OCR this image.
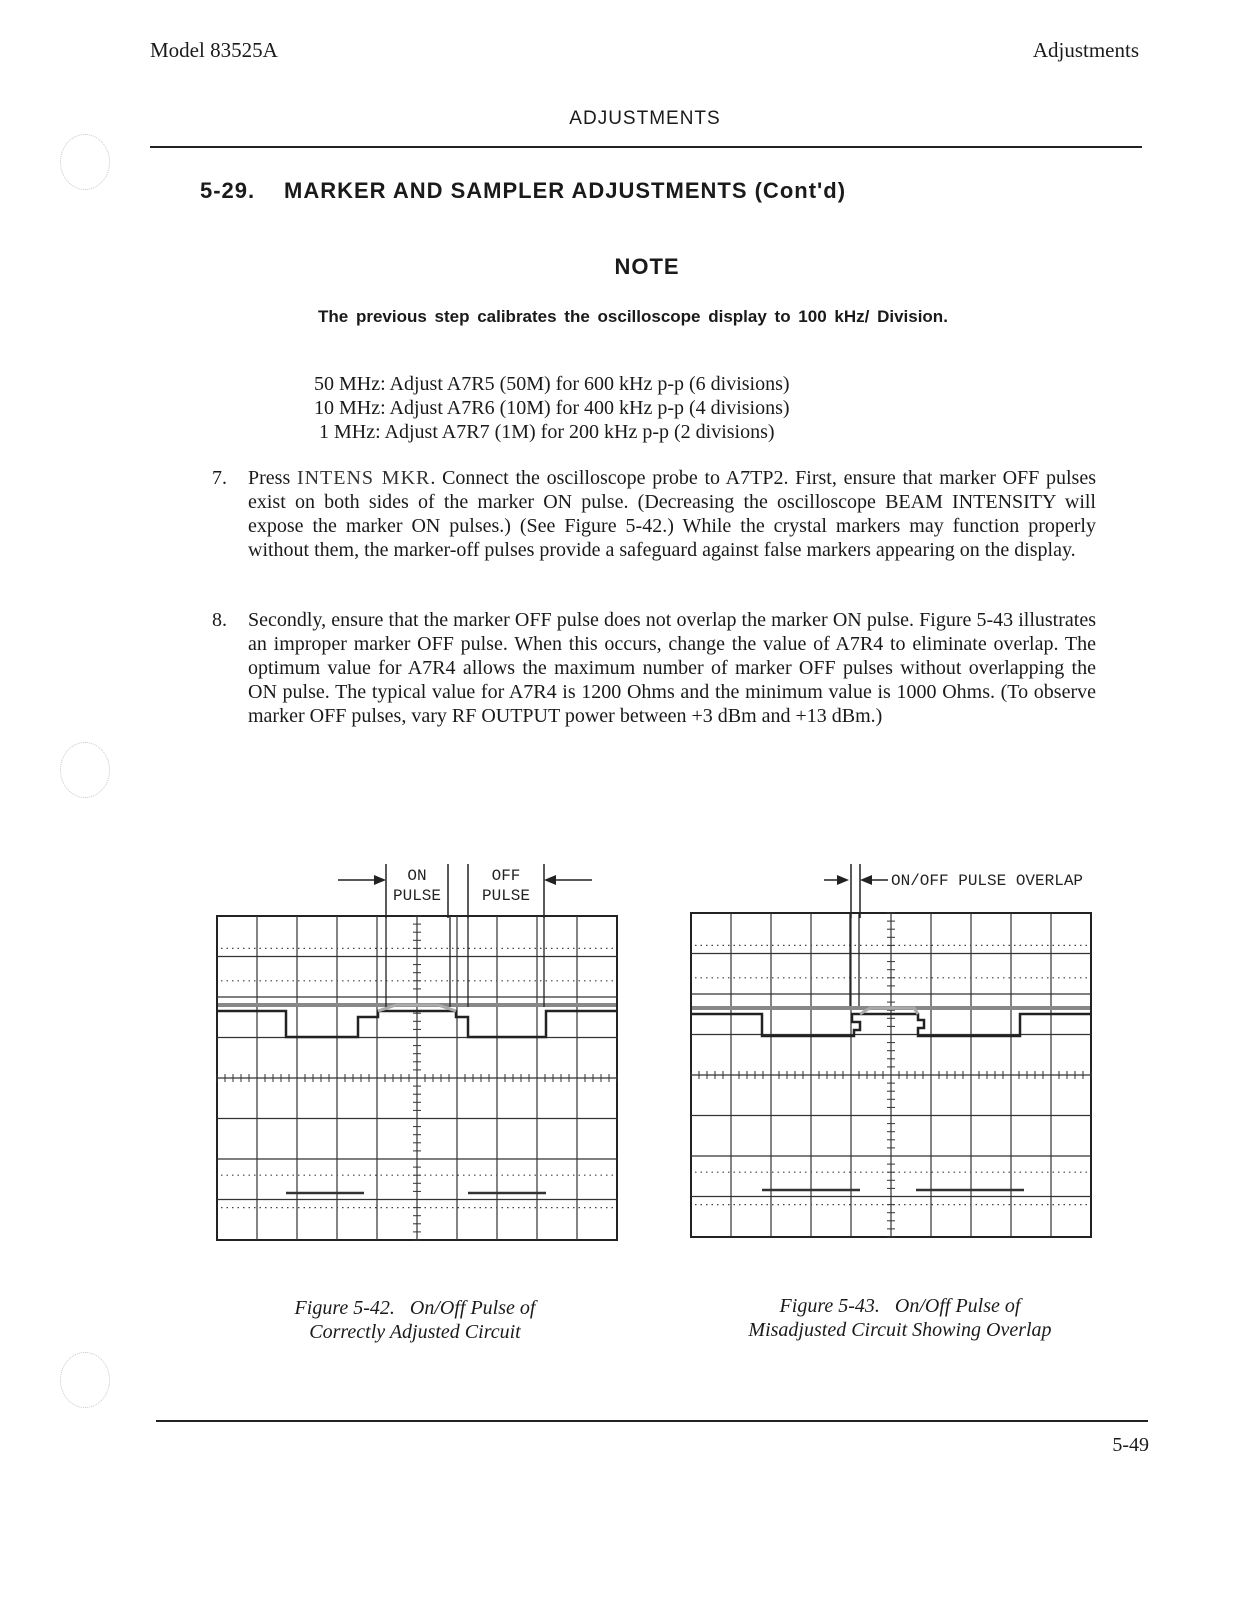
Model 83525A	Adjustments
ADJUSTMENTS
5-29. MARKER AND SAMPLER ADJUSTMENTS (Cont'd)
NOTE
The previous step calibrates the oscilloscope display to 100 kHz/ Division.
50 MHz: Adjust A7R5 (50M) for 600 kHz p-p (6 divisions)
10 MHz: Adjust A7R6 (10M) for 400 kHz p-p (4 divisions)
1 MHz: Adjust A7R7 (1M) for 200 kHz p-p (2 divisions)
7. Press INTENS MKR. Connect the oscilloscope probe to A7TP2. First, ensure that marker OFF pulses exist on both sides of the marker ON pulse. (Decreasing the oscilloscope BEAM INTENSITY will expose the marker ON pulses.) (See Figure 5-42.) While the crystal markers may function properly without them, the marker-off pulses provide a safeguard against false markers appearing on the display.
8. Secondly, ensure that the marker OFF pulse does not overlap the marker ON pulse. Figure 5-43 illustrates an improper marker OFF pulse. When this occurs, change the value of A7R4 to eliminate overlap. The optimum value for A7R4 allows the maximum number of marker OFF pulses without overlapping the ON pulse. The typical value for A7R4 is 1200 Ohms and the minimum value is 1000 Ohms. (To observe marker OFF pulses, vary RF OUTPUT power between +3 dBm and +13 dBm.)
ON
PULSE
OFF
PULSE
ON/OFF PULSE OVERLAP
Figure 5-42.   On/Off Pulse of
Correctly Adjusted Circuit
Figure 5-43.   On/Off Pulse of
Misadjusted Circuit Showing Overlap
5-49
